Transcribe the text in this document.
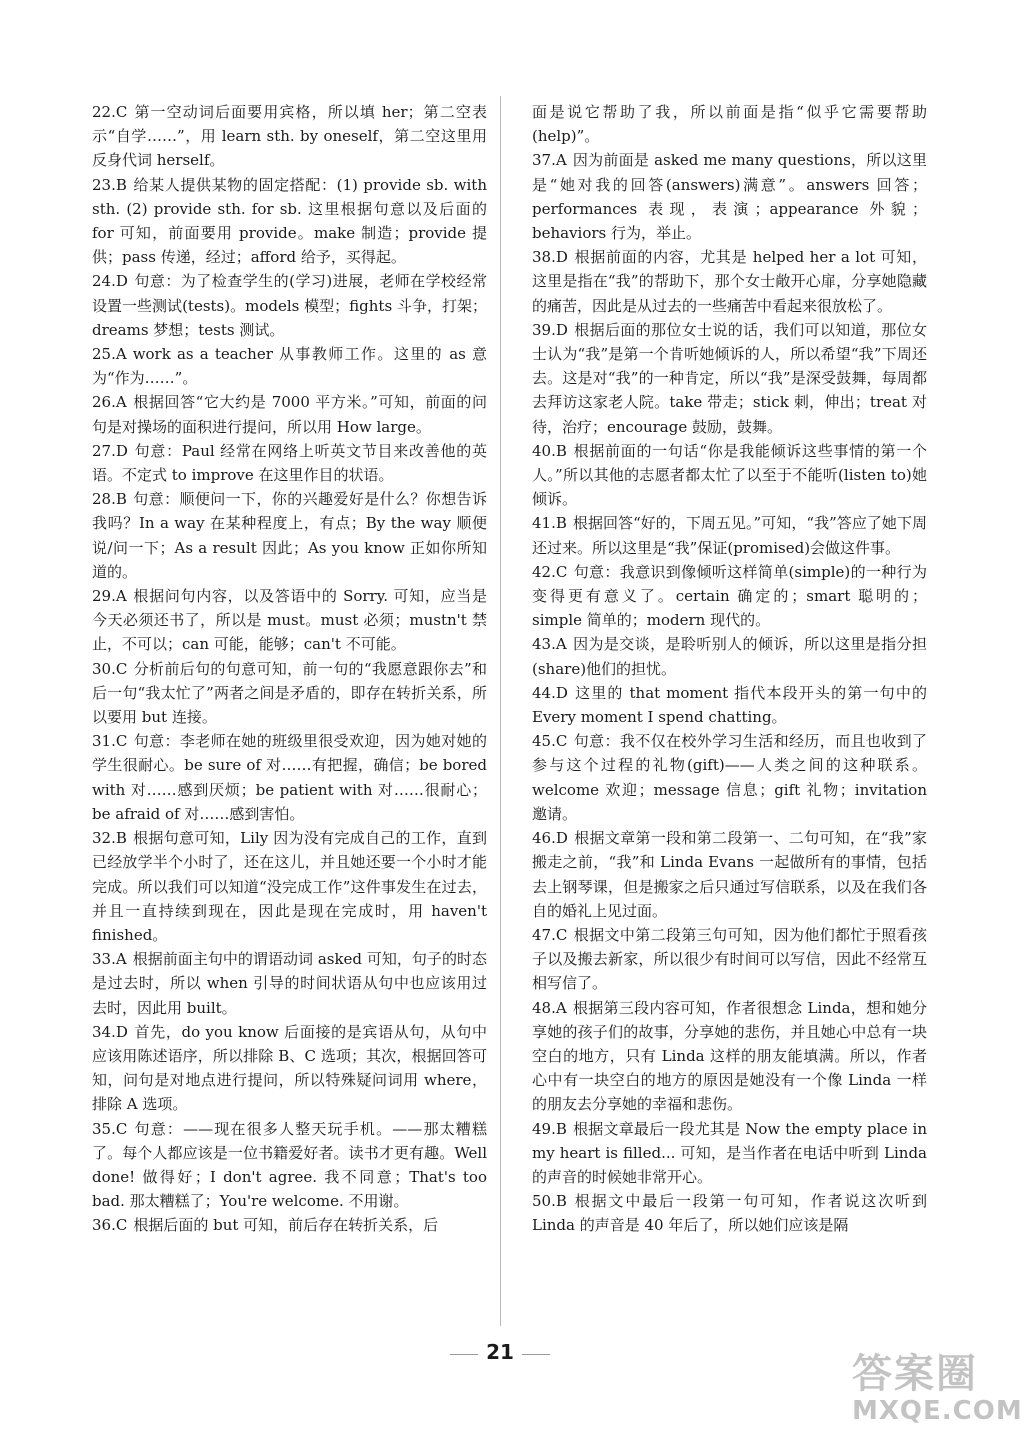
22.C 第一空动词后面要用宾格，所以填 her；第二空表示“自学……”，用 learn sth. by oneself，第二空这里用反身代词 herself。

23.B 给某人提供某物的固定搭配：(1) provide sb. with sth. (2) provide sth. for sb. 这里根据句意以及后面的 for 可知，前面要用 provide。make 制造；provide 提供；pass 传递，经过；afford 给予，买得起。

24.D 句意：为了检查学生的(学习)进展，老师在学校经常设置一些测试(tests)。models 模型；fights 斗争，打架；dreams 梦想；tests 测试。

25.A work as a teacher 从事教师工作。这里的 as 意为“作为……”。

26.A 根据回答“它大约是 7000 平方米。”可知，前面的问句是对操场的面积进行提问，所以用 How large。

27.D 句意：Paul 经常在网络上听英文节目来改善他的英语。不定式 to improve 在这里作目的状语。

28.B 句意：顺便问一下，你的兴趣爱好是什么？你想告诉我吗？In a way 在某种程度上，有点；By the way 顺便说/问一下；As a result 因此；As you know 正如你所知道的。

29.A 根据问句内容，以及答语中的 Sorry. 可知，应当是今天必须还书了，所以是 must。must 必须；mustn't 禁止，不可以；can 可能，能够；can't 不可能。

30.C 分析前后句的句意可知，前一句的“我愿意跟你去”和后一句“我太忙了”两者之间是矛盾的，即存在转折关系，所以要用 but 连接。

31.C 句意：李老师在她的班级里很受欢迎，因为她对她的学生很耐心。be sure of 对……有把握，确信；be bored with 对……感到厌烦；be patient with 对……很耐心；be afraid of 对……感到害怕。

32.B 根据句意可知，Lily 因为没有完成自己的工作，直到已经放学半个小时了，还在这儿，并且她还要一个小时才能完成。所以我们可以知道“没完成工作”这件事发生在过去，并且一直持续到现在，因此是现在完成时，用 haven't finished。

33.A 根据前面主句中的谓语动词 asked 可知，句子的时态是过去时，所以 when 引导的时间状语从句中也应该用过去时，因此用 built。

34.D 首先，do you know 后面接的是宾语从句，从句中应该用陈述语序，所以排除 B、C 选项；其次，根据回答可知，问句是对地点进行提问，所以特殊疑问词用 where，排除 A 选项。

35.C 句意：——现在很多人整天玩手机。——那太糟糕了。每个人都应该是一位书籍爱好者。读书才更有趣。Well done! 做得好；I don't agree. 我不同意；That's too bad. 那太糟糕了；You're welcome. 不用谢。

36.C 根据后面的 but 可知，前后存在转折关系，后

面是说它帮助了我，所以前面是指“似乎它需要帮助(help)”。

37.A 因为前面是 asked me many questions，所以这里是“她对我的回答(answers)满意”。answers 回答；performances 表现，表演；appearance 外貌；behaviors 行为，举止。

38.D 根据前面的内容，尤其是 helped her a lot 可知，这里是指在“我”的帮助下，那个女士敞开心扉，分享她隐藏的痛苦，因此是从过去的一些痛苦中看起来很放松了。

39.D 根据后面的那位女士说的话，我们可以知道，那位女士认为“我”是第一个肯听她倾诉的人，所以希望“我”下周还去。这是对“我”的一种肯定，所以“我”是深受鼓舞，每周都去拜访这家老人院。take 带走；stick 刺，伸出；treat 对待，治疗；encourage 鼓励，鼓舞。

40.B 根据前面的一句话“你是我能倾诉这些事情的第一个人。”所以其他的志愿者都太忙了以至于不能听(listen to)她倾诉。

41.B 根据回答“好的，下周五见。”可知，“我”答应了她下周还过来。所以这里是“我”保证(promised)会做这件事。

42.C 句意：我意识到像倾听这样简单(simple)的一种行为变得更有意义了。certain 确定的；smart 聪明的；simple 简单的；modern 现代的。

43.A 因为是交谈，是聆听别人的倾诉，所以这里是指分担(share)他们的担忧。

44.D 这里的 that moment 指代本段开头的第一句中的 Every moment I spend chatting。

45.C 句意：我不仅在校外学习生活和经历，而且也收到了参与这个过程的礼物(gift)——人类之间的这种联系。welcome 欢迎；message 信息；gift 礼物；invitation 邀请。

46.D 根据文章第一段和第二段第一、二句可知，在“我”家搬走之前，“我”和 Linda Evans 一起做所有的事情，包括去上钢琴课，但是搬家之后只通过写信联系，以及在我们各自的婚礼上见过面。

47.C 根据文中第二段第三句可知，因为他们都忙于照看孩子以及搬去新家，所以很少有时间可以写信，因此不经常互相写信了。

48.A 根据第三段内容可知，作者很想念 Linda，想和她分享她的孩子们的故事，分享她的悲伤，并且她心中总有一块空白的地方，只有 Linda 这样的朋友能填满。所以，作者心中有一块空白的地方的原因是她没有一个像 Linda 一样的朋友去分享她的幸福和悲伤。

49.B 根据文章最后一段尤其是 Now the empty place in my heart is filled... 可知，是当作者在电话中听到 Linda 的声音的时候她非常开心。

50.B 根据文中最后一段第一句可知，作者说这次听到 Linda 的声音是 40 年后了，所以她们应该是隔

21	答案圈
MXQE.COM
